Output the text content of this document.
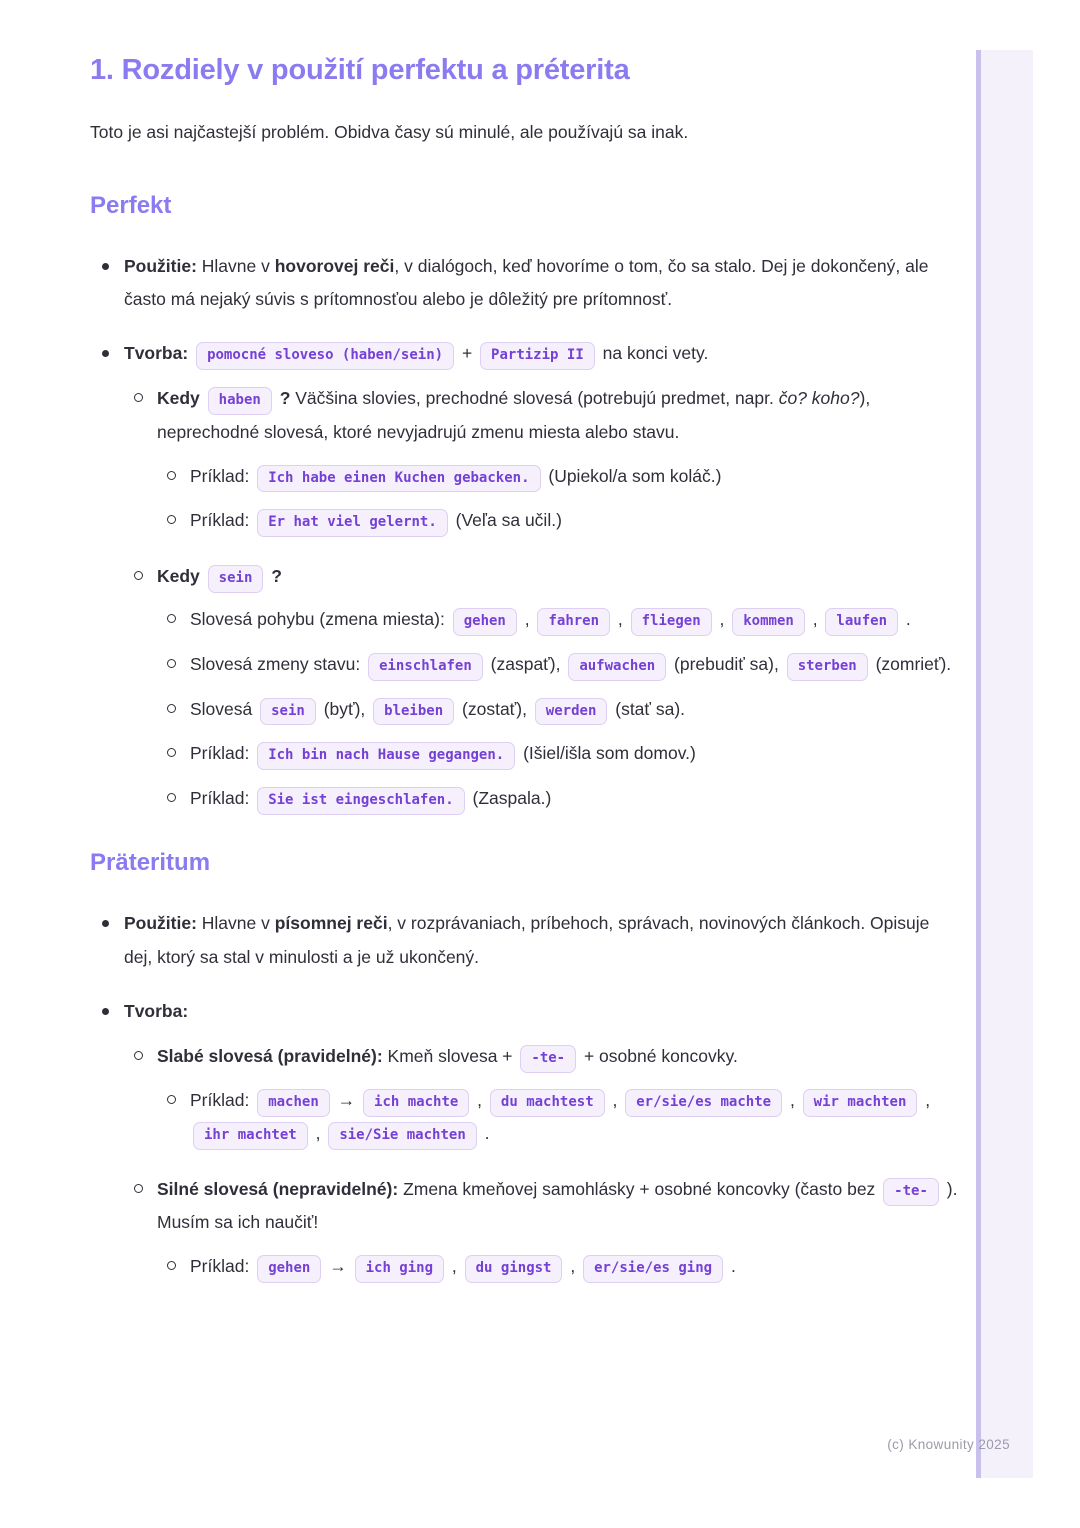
1. Rozdiely v použití perfektu a préterita

Toto je asi najčastejší problém. Obidva časy sú minulé, ale používajú sa inak.

Perfekt
Použitie: Hlavne v hovorovej reči, v dialógoch, keď hovoríme o tom, čo sa stalo. Dej je dokončený, ale často má nejaký súvis s prítomnosťou alebo je dôležitý pre prítomnosť.
Tvorba: pomocné sloveso (haben/sein) + Partizip II na konci vety.
Kedy haben ? Väčšina slovies, prechodné slovesá (potrebujú predmet, napr. čo? koho?), neprechodné slovesá, ktoré nevyjadrujú zmenu miesta alebo stavu.
Príklad: Ich habe einen Kuchen gebacken. (Upiekol/a som koláč.)
Príklad: Er hat viel gelernt. (Veľa sa učil.)
Kedy sein ?
Slovesá pohybu (zmena miesta): gehen , fahren , fliegen , kommen , laufen .
Slovesá zmeny stavu: einschlafen (zaspať), aufwachen (prebudiť sa), sterben (zomrieť).
Slovesá sein (byť), bleiben (zostať), werden (stať sa).
Príklad: Ich bin nach Hause gegangen. (Išiel/išla som domov.)
Príklad: Sie ist eingeschlafen. (Zaspala.)
Präteritum
Použitie: Hlavne v písomnej reči, v rozprávaniach, príbehoch, správach, novinových článkoch. Opisuje dej, ktorý sa stal v minulosti a je už ukončený.
Tvorba:
Slabé slovesá (pravidelné): Kmeň slovesa + -te- + osobné koncovky.
Príklad: machen → ich machte , du machtest , er/sie/es machte , wir machten , ihr machtet , sie/Sie machten .
Silné slovesá (nepravidelné): Zmena kmeňovej samohlásky + osobné koncovky (často bez -te- ). Musím sa ich naučiť!
Príklad: gehen → ich ging , du gingst , er/sie/es ging .
(c) Knowunity 2025
